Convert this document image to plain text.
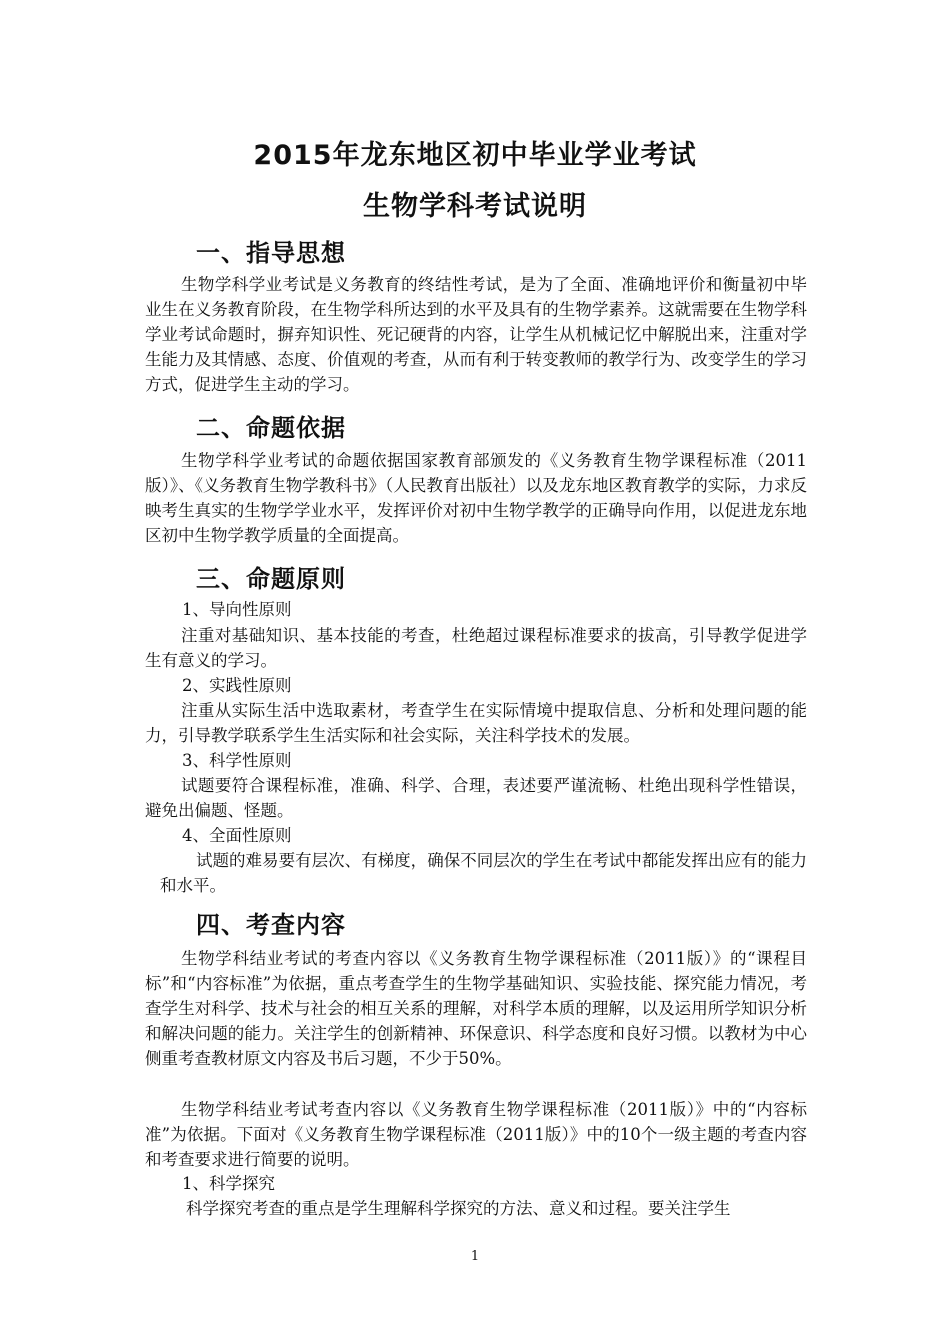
2015年龙东地区初中毕业学业考试
生物学科考试说明
一、指导思想

生物学科学业考试是义务教育的终结性考试，是为了全面、准确地评价和衡量初中毕业生在义务教育阶段，在生物学科所达到的水平及具有的生物学素养。这就需要在生物学科学业考试命题时，摒弃知识性、死记硬背的内容，让学生从机械记忆中解脱出来，注重对学生能力及其情感、态度、价值观的考查，从而有利于转变教师的教学行为、改变学生的学习方式，促进学生主动的学习。

二、命题依据

生物学科学业考试的命题依据国家教育部颁发的《义务教育生物学课程标准（2011版）》、《义务教育生物学教科书》（人民教育出版社）以及龙东地区教育教学的实际，力求反映考生真实的生物学学业水平，发挥评价对初中生物学教学的正确导向作用，以促进龙东地区初中生物学教学质量的全面提高。

三、命题原则
1、导向性原则

注重对基础知识、基本技能的考查，杜绝超过课程标准要求的拔高，引导教学促进学生有意义的学习。

2、实践性原则

注重从实际生活中选取素材，考查学生在实际情境中提取信息、分析和处理问题的能力，引导教学联系学生生活实际和社会实际，关注科学技术的发展。

3、科学性原则

试题要符合课程标准，准确、科学、合理，表述要严谨流畅、杜绝出现科学性错误，避免出偏题、怪题。

4、全面性原则

试题的难易要有层次、有梯度，确保不同层次的学生在考试中都能发挥出应有的能力和水平。

四、考查内容

生物学科结业考试的考查内容以《义务教育生物学课程标准（2011版）》的“课程目标”和“内容标准”为依据，重点考查学生的生物学基础知识、实验技能、探究能力情况，考查学生对科学、技术与社会的相互关系的理解，对科学本质的理解，以及运用所学知识分析和解决问题的能力。关注学生的创新精神、环保意识、科学态度和良好习惯。以教材为中心侧重考查教材原文内容及书后习题，不少于50%。

生物学科结业考试考查内容以《义务教育生物学课程标准（2011版）》中的“内容标准”为依据。下面对《义务教育生物学课程标准（2011版）》中的10个一级主题的考查内容和考查要求进行简要的说明。

1、科学探究
科学探究考查的重点是学生理解科学探究的方法、意义和过程。要关注学生
1
